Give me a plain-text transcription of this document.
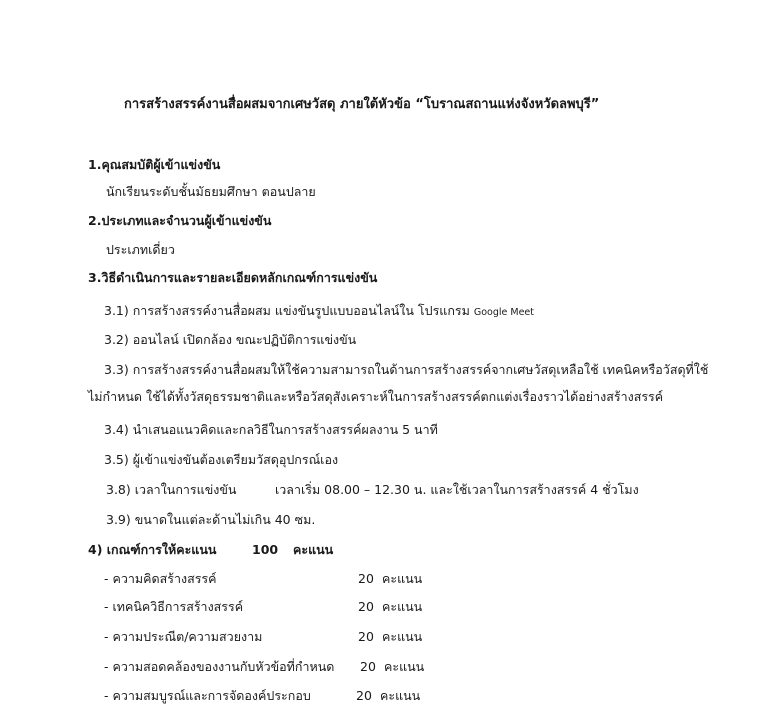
การสร้างสรรค์งานสื่อผสมจากเศษวัสดุ ภายใต้หัวข้อ “โบราณสถานแห่งจังหวัดลพบุรี”
1.คุณสมบัติผู้เข้าแข่งขัน
นักเรียนระดับชั้นมัธยมศึกษา ตอนปลาย
2.ประเภทและจำนวนผู้เข้าแข่งขัน
ประเภทเดี่ยว
3.วิธีดำเนินการและรายละเอียดหลักเกณฑ์การแข่งขัน
3.1) การสร้างสรรค์งานสื่อผสม แข่งขันรูปแบบออนไลน์ใน โปรแกรม Google Meet
3.2) ออนไลน์ เปิดกล้อง ขณะปฏิบัติการแข่งขัน
3.3) การสร้างสรรค์งานสื่อผสมให้ใช้ความสามารถในด้านการสร้างสรรค์จากเศษวัสดุเหลือใช้ เทคนิคหรือวัสดุที่ใช้
ไม่กำหนด ใช้ได้ทั้งวัสดุธรรมชาติและหรือวัสดุสังเคราะห์ในการสร้างสรรค์ตกแต่งเรื่องราวได้อย่างสร้างสรรค์
3.4) นำเสนอแนวคิดและกลวิธีในการสร้างสรรค์ผลงาน 5 นาที
3.5) ผู้เข้าแข่งขันต้องเตรียมวัสดุอุปกรณ์เอง
3.8) เวลาในการแข่งขัน	เวลาเริ่ม 08.00 – 12.30 น. และใช้เวลาในการสร้างสรรค์ 4 ชั่วโมง
3.9) ขนาดในแต่ละด้านไม่เกิน 40 ซม.
4) เกณฑ์การให้คะแนน	100 คะแนน
- ความคิดสร้างสรรค์	20 คะแนน
- เทคนิควิธีการสร้างสรรค์	20 คะแนน
- ความประณีต/ความสวยงาม	20 คะแนน
- ความสอดคล้องของงานกับหัวข้อที่กำหนด 20 คะแนน
- ความสมบูรณ์และการจัดองค์ประกอบ	20 คะแนน
